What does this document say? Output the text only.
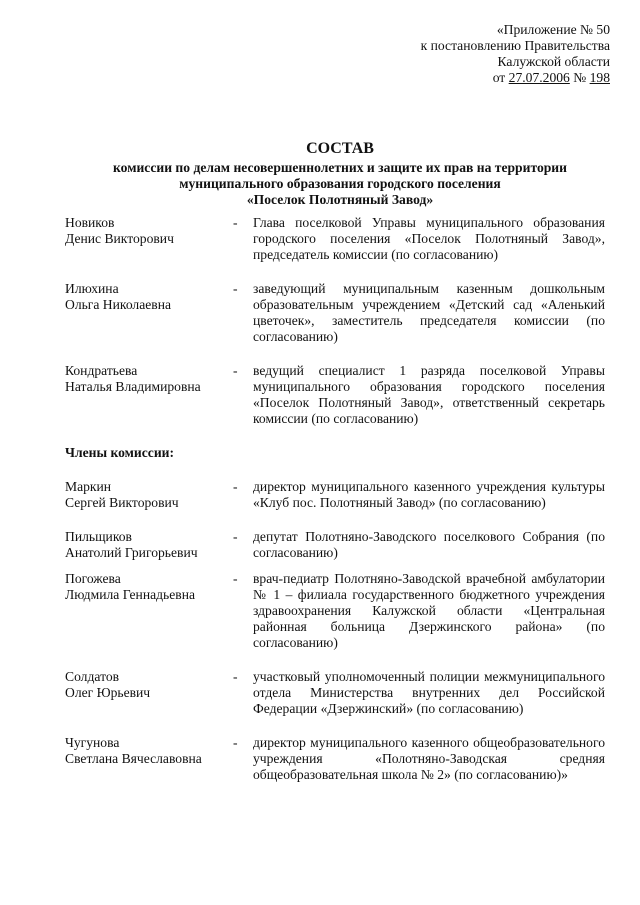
«Приложение № 50
к постановлению Правительства
Калужской области
от 27.07.2006 № 198
СОСТАВ
комиссии по делам несовершеннолетних и защите их прав на территории
муниципального образования городского поселения
«Поселок Полотняный Завод»
Новиков
Денис Викторович
-	Глава поселковой Управы муниципального образования городского поселения «Поселок Полотняный Завод», председатель комиссии (по согласованию)
Илюхина
Ольга Николаевна
-	заведующий муниципальным казенным дошкольным образовательным учреждением «Детский сад «Аленький цветочек», заместитель председателя комиссии (по согласованию)
Кондратьева
Наталья Владимировна
-	ведущий специалист 1 разряда поселковой Управы муниципального образования городского поселения «Поселок Полотняный Завод», ответственный секретарь комиссии (по согласованию)
Члены комиссии:
Маркин
Сергей Викторович
-	директор муниципального казенного учреждения культуры «Клуб пос. Полотняный Завод» (по согласованию)
Пильщиков
Анатолий Григорьевич
-	депутат Полотняно-Заводского поселкового Собрания (по согласованию)
Погожева
Людмила Геннадьевна
-	врач-педиатр Полотняно-Заводской врачебной амбулатории № 1 – филиала государственного бюджетного учреждения здравоохранения Калужской области «Центральная районная больница Дзержинского района» (по согласованию)
Солдатов
Олег Юрьевич
-	участковый уполномоченный полиции межмуниципального отдела Министерства внутренних дел Российской Федерации «Дзержинский» (по согласованию)
Чугунова
Светлана Вячеславовна
-	директор муниципального казенного общеобразовательного учреждения «Полотняно-Заводская средняя общеобразовательная школа № 2» (по согласованию)»
